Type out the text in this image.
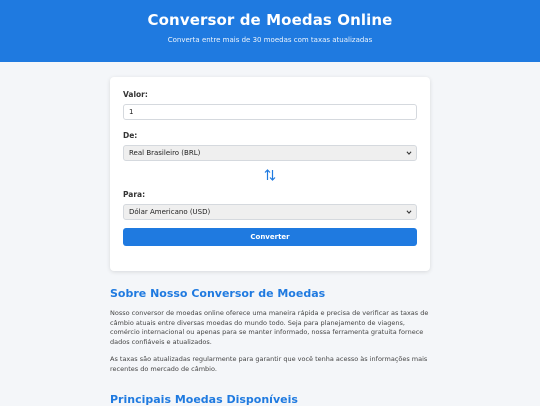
Conversor de Moedas Online

Converta entre mais de 30 moedas com taxas atualizadas

Valor:
1
De:
Real Brasileiro (BRL)
Para:
Dólar Americano (USD)
Converter
Sobre Nosso Conversor de Moedas

Nosso conversor de moedas online oferece uma maneira rápida e precisa de verificar as taxas de câmbio atuais entre diversas moedas do mundo todo. Seja para planejamento de viagens, comércio internacional ou apenas para se manter informado, nossa ferramenta gratuita fornece dados confiáveis e atualizados.

As taxas são atualizadas regularmente para garantir que você tenha acesso às informações mais recentes do mercado de câmbio.

Principais Moedas Disponíveis
